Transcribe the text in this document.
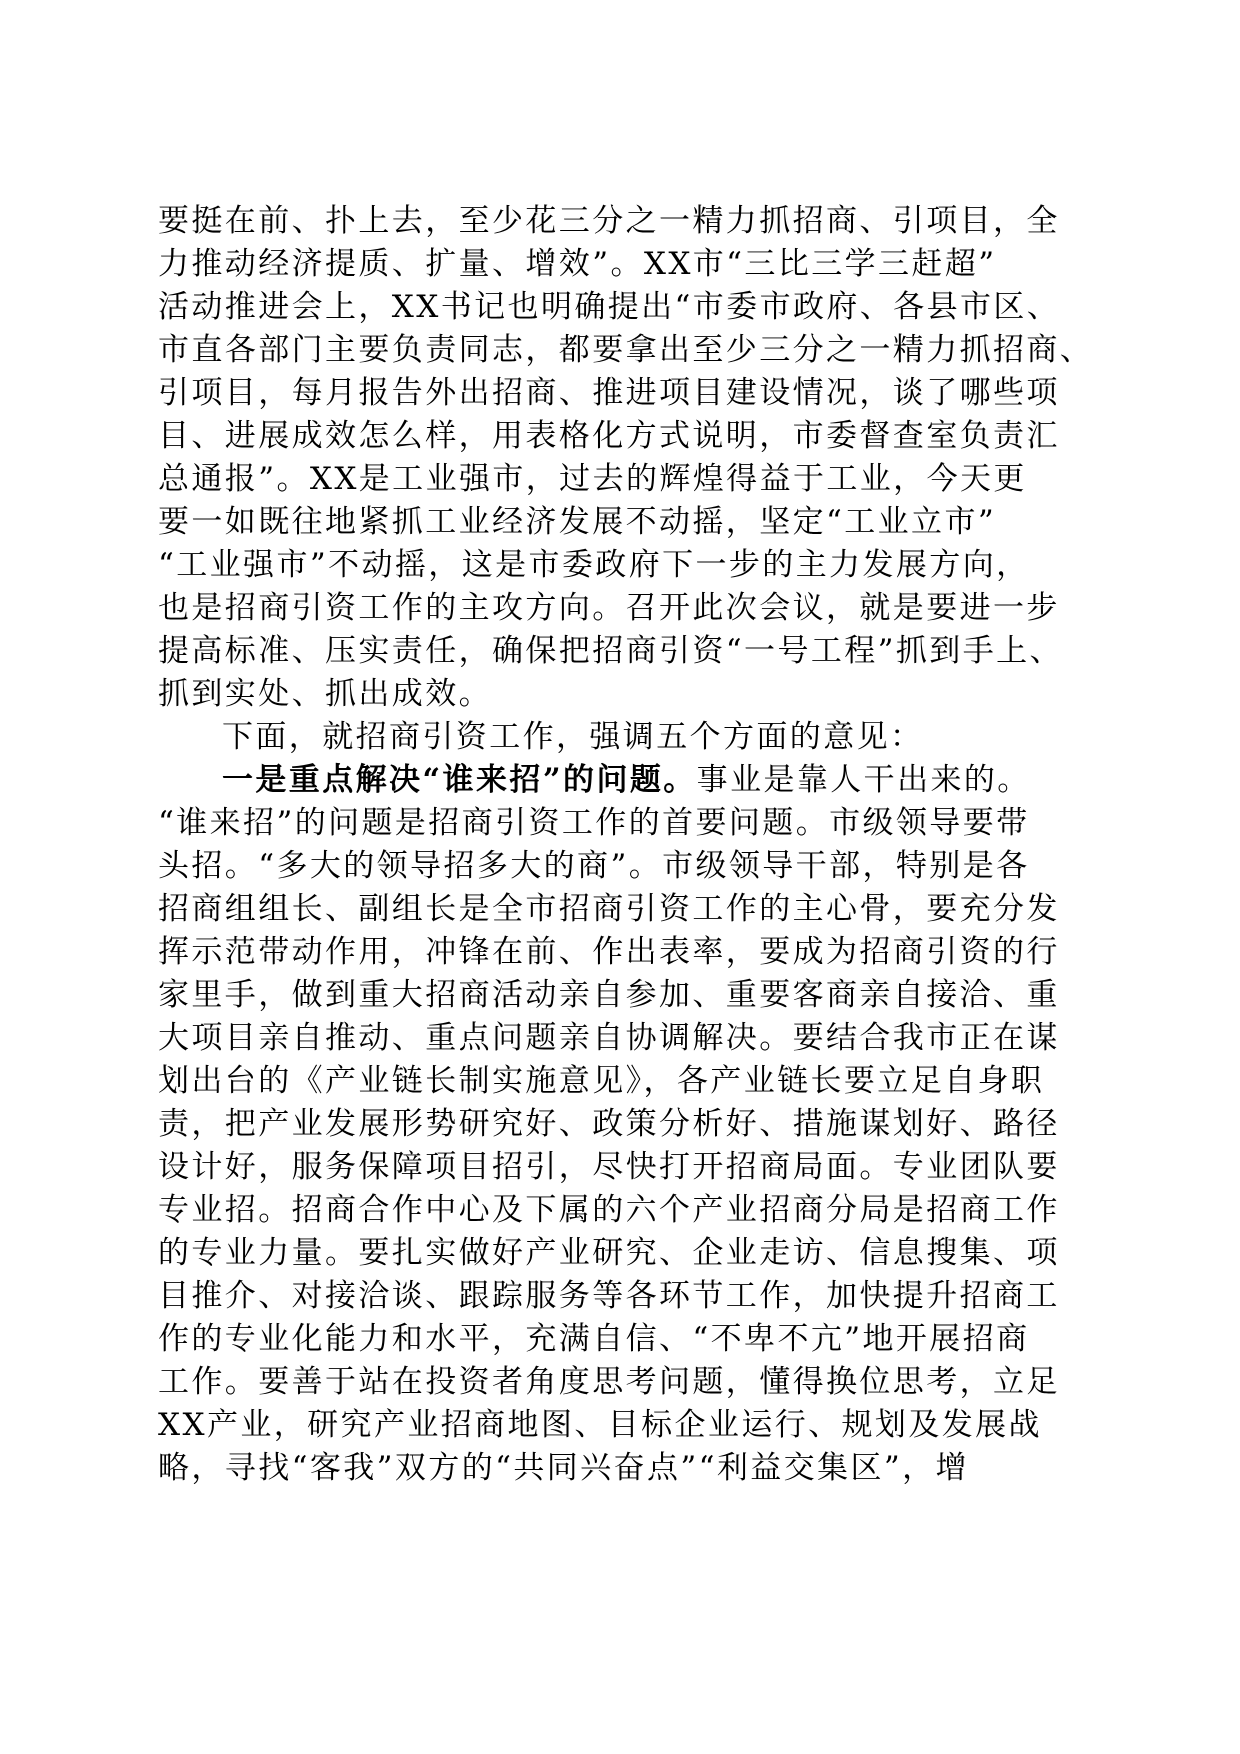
要挺在前、扑上去，至少花三分之一精力抓招商、引项目，全
力推动经济提质、扩量、增效”。XX市“三比三学三赶超”
活动推进会上，XX书记也明确提出“市委市政府、各县市区、
市直各部门主要负责同志，都要拿出至少三分之一精力抓招商、
引项目，每月报告外出招商、推进项目建设情况，谈了哪些项
目、进展成效怎么样，用表格化方式说明，市委督查室负责汇
总通报”。XX是工业强市，过去的辉煌得益于工业，今天更
要一如既往地紧抓工业经济发展不动摇，坚定“工业立市”
“工业强市”不动摇，这是市委政府下一步的主力发展方向，
也是招商引资工作的主攻方向。召开此次会议，就是要进一步
提高标准、压实责任，确保把招商引资“一号工程”抓到手上、
抓到实处、抓出成效。
下面，就招商引资工作，强调五个方面的意见：
一是重点解决“谁来招”的问题。事业是靠人干出来的。
“谁来招”的问题是招商引资工作的首要问题。市级领导要带
头招。“多大的领导招多大的商”。市级领导干部，特别是各
招商组组长、副组长是全市招商引资工作的主心骨，要充分发
挥示范带动作用，冲锋在前、作出表率，要成为招商引资的行
家里手，做到重大招商活动亲自参加、重要客商亲自接洽、重
大项目亲自推动、重点问题亲自协调解决。要结合我市正在谋
划出台的《产业链长制实施意见》，各产业链长要立足自身职
责，把产业发展形势研究好、政策分析好、措施谋划好、路径
设计好，服务保障项目招引，尽快打开招商局面。专业团队要
专业招。招商合作中心及下属的六个产业招商分局是招商工作
的专业力量。要扎实做好产业研究、企业走访、信息搜集、项
目推介、对接洽谈、跟踪服务等各环节工作，加快提升招商工
作的专业化能力和水平，充满自信、“不卑不亢”地开展招商
工作。要善于站在投资者角度思考问题，懂得换位思考，立足
XX产业，研究产业招商地图、目标企业运行、规划及发展战
略，寻找“客我”双方的“共同兴奋点”“利益交集区”，增
